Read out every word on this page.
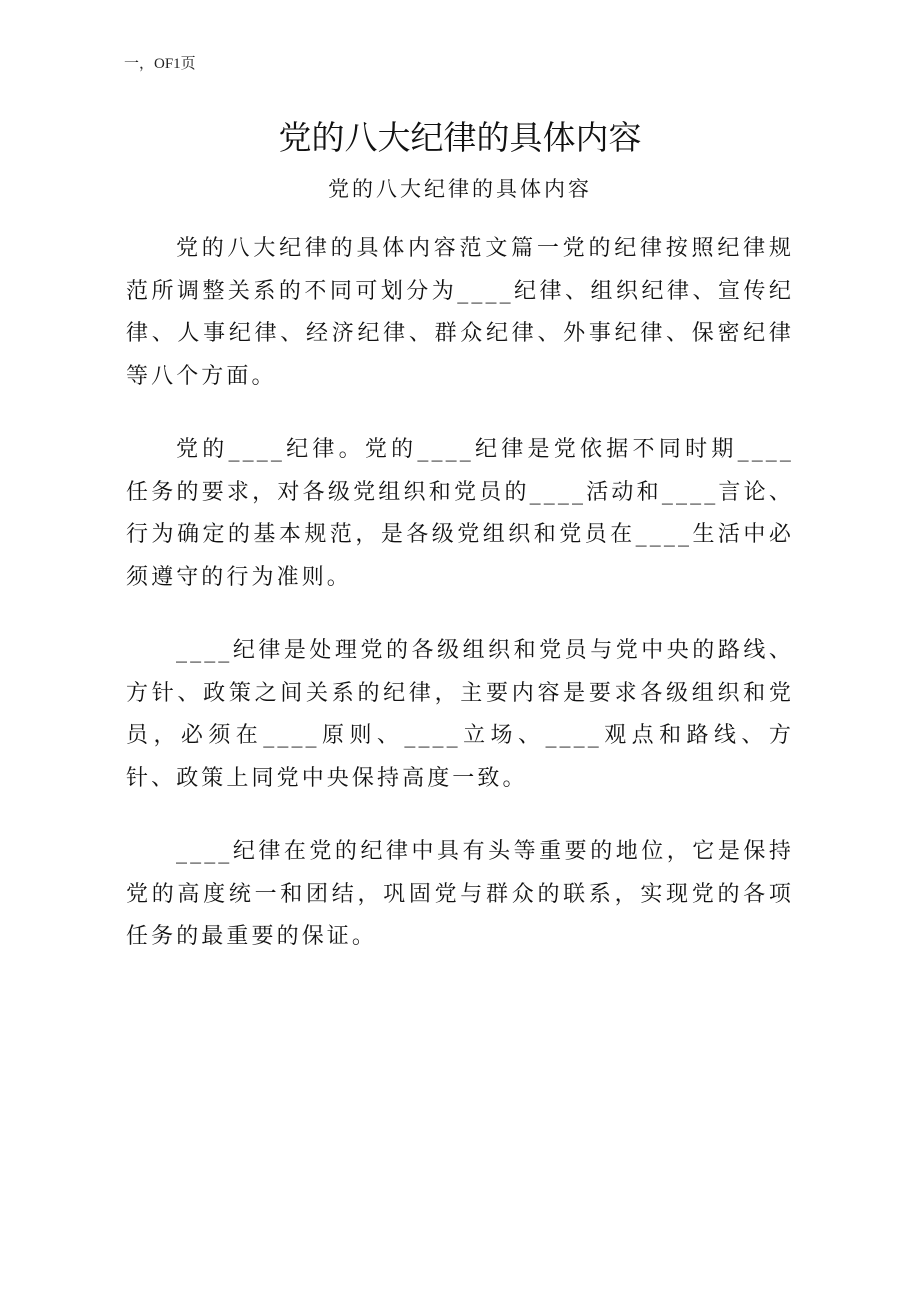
一，OF1页
党的八大纪律的具体内容
党的八大纪律的具体内容

党的八大纪律的具体内容范文篇一党的纪律按照纪律规范所调整关系的不同可划分为____纪律、组织纪律、宣传纪律、人事纪律、经济纪律、群众纪律、外事纪律、保密纪律等八个方面。

党的____纪律。党的____纪律是党依据不同时期____任务的要求，对各级党组织和党员的____活动和____言论、行为确定的基本规范，是各级党组织和党员在____生活中必须遵守的行为准则。

____纪律是处理党的各级组织和党员与党中央的路线、方针、政策之间关系的纪律，主要内容是要求各级组织和党员，必须在____原则、____立场、____观点和路线、方针、政策上同党中央保持高度一致。

____纪律在党的纪律中具有头等重要的地位，它是保持党的高度统一和团结，巩固党与群众的联系，实现党的各项任务的最重要的保证。
